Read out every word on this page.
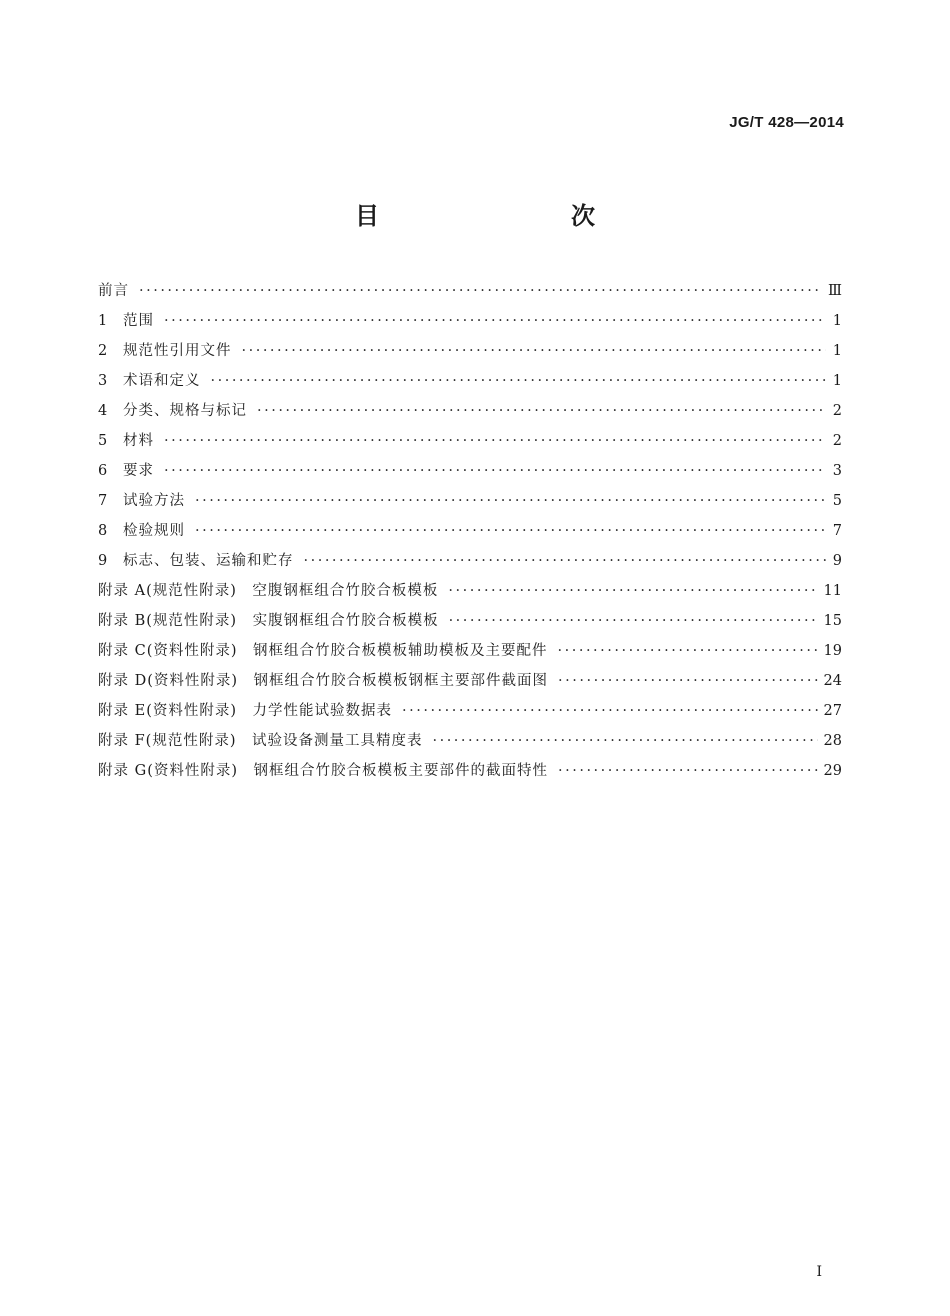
JG/T 428—2014
目　　次
前言 ·····	Ⅲ
1	范围 ·····	1
2	规范性引用文件 ·····	1
3	术语和定义 ·····	1
4	分类、规格与标记 ·····	2
5	材料 ·····	2
6	要求 ·····	3
7	试验方法 ·····	5
8	检验规则 ·····	7
9	标志、包装、运输和贮存 ·····	9
附录 A(规范性附录)　空腹钢框组合竹胶合板模板 ·····	11
附录 B(规范性附录)　实腹钢框组合竹胶合板模板 ·····	15
附录 C(资料性附录)　钢框组合竹胶合板模板辅助模板及主要配件 ·····	19
附录 D(资料性附录)　钢框组合竹胶合板模板钢框主要部件截面图 ·····	24
附录 E(资料性附录)　力学性能试验数据表 ·····	27
附录 F(规范性附录)　试验设备测量工具精度表 ·····	28
附录 G(资料性附录)　钢框组合竹胶合板模板主要部件的截面特性 ·····	29
I
